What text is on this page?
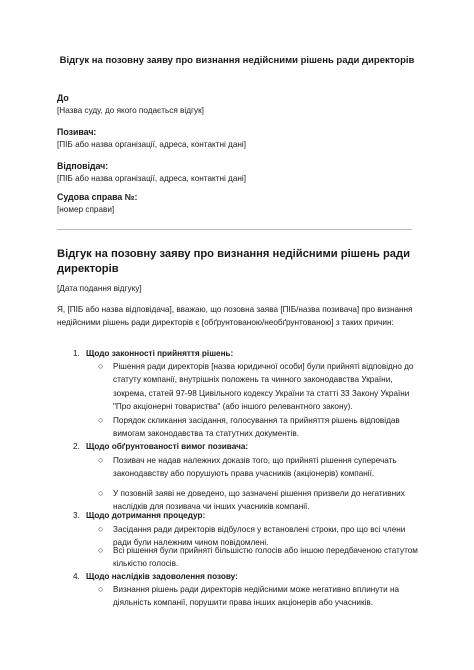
Відгук на позовну заяву про визнання недійсними рішень ради директорів
До
[Назва суду, до якого подається відгук]
Позивач:
[ПІБ або назва організації, адреса, контактні дані]
Відповідач:
[ПІБ або назва організації, адреса, контактні дані]
Судова справа №:
[номер справи]
Відгук на позовну заяву про визнання недійсними рішень ради директорів
[Дата подання відгуку]
Я, [ПІБ або назва відповідача], вважаю, що позовна заява [ПІБ/назва позивача] про визнання недійсними рішень ради директорів є [обґрунтованою/необґрунтованою] з таких причин:
1. Щодо законності прийняття рішень:
○ Рішення ради директорів [назва юридичної особи] були прийняті відповідно до статуту компанії, внутрішніх положень та чинного законодавства України, зокрема, статей 97-98 Цивільного кодексу України та статті 33 Закону України "Про акціонерні товариства" (або іншого релевантного закону).
○ Порядок скликання засідання, голосування та прийняття рішень відповідав вимогам законодавства та статутних документів.
2. Щодо обґрунтованості вимог позивача:
○ Позивач не надав належних доказів того, що прийняті рішення суперечать законодавству або порушують права учасників (акціонерів) компанії.
○ У позовній заяві не доведено, що зазначені рішення призвели до негативних наслідків для позивача чи інших учасників компанії.
3. Щодо дотримання процедур:
○ Засідання ради директорів відбулося у встановлені строки, про що всі члени ради були належним чином повідомлені.
○ Всі рішення були прийняті більшістю голосів або іншою передбаченою статутом кількістю голосів.
4. Щодо наслідків задоволення позову:
○ Визнання рішень ради директорів недійсними може негативно вплинути на діяльність компанії, порушити права інших акціонерів або учасників.
